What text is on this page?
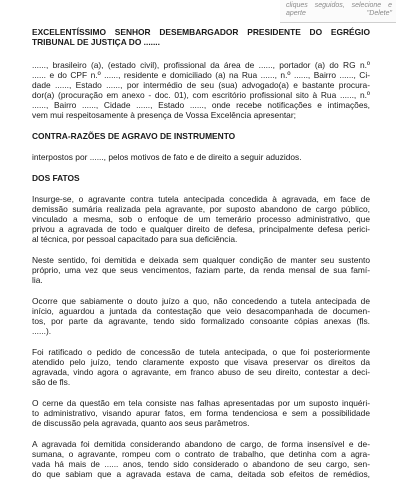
cliques seguidos, selecione e
aperte "Delete"
EXCELENTÍSSIMO SENHOR DESEMBARGADOR PRESIDENTE DO EGRÉGIO
TRIBUNAL DE JUSTIÇA DO .......

......, brasileiro (a), (estado civil), profissional da área de ......, portador (a) do RG n.º
...... e do CPF n.º ......, residente e domiciliado (a) na Rua ......, n.º ......, Bairro ......, Ci-
dade ......, Estado ......, por intermédio de seu (sua) advogado(a) e bastante procura-
dor(a) (procuração em anexo - doc. 01), com escritório profissional sito à Rua ......, n.º
......, Bairro ......, Cidade ......, Estado ......, onde recebe notificações e intimações,
vem mui respeitosamente à presença de Vossa Excelência apresentar;

CONTRA-RAZÕES DE AGRAVO DE INSTRUMENTO

interpostos por ......, pelos motivos de fato e de direito a seguir aduzidos.

DOS FATOS

Insurge-se, o agravante contra tutela antecipada concedida à agravada, em face de
demissão sumária realizada pela agravante, por suposto abandono de cargo público,
vinculado a mesma, sob o enfoque de um temerário processo administrativo, que
privou a agravada de todo e qualquer direito de defesa, principalmente defesa perici-
al técnica, por pessoal capacitado para sua deficiência.

Neste sentido, foi demitida e deixada sem qualquer condição de manter seu sustento
próprio, uma vez que seus vencimentos, faziam parte, da renda mensal de sua famí-
lia.

Ocorre que sabiamente o douto juízo a quo, não concedendo a tutela antecipada de
início, aguardou a juntada da contestação que veio desacompanhada de documen-
tos, por parte da agravante, tendo sido formalizado consoante cópias anexas (fls.
......).

Foi ratificado o pedido de concessão de tutela antecipada, o que foi posteriormente
atendido pelo juízo, tendo claramente exposto que visava preservar os direitos da
agravada, vindo agora o agravante, em franco abuso de seu direito, contestar a deci-
são de fls.

O cerne da questão em tela consiste nas falhas apresentadas por um suposto inquéri-
to administrativo, visando apurar fatos, em forma tendenciosa e sem a possibilidade
de discussão pela agravada, quanto aos seus parâmetros.

A agravada foi demitida considerando abandono de cargo, de forma insensível e de-
sumana, o agravante, rompeu com o contrato de trabalho, que detinha com a agra-
vada há mais de ...... anos, tendo sido considerado o abandono de seu cargo, sen-
do que sabiam que a agravada estava de cama, deitada sob efeitos de remédios,
